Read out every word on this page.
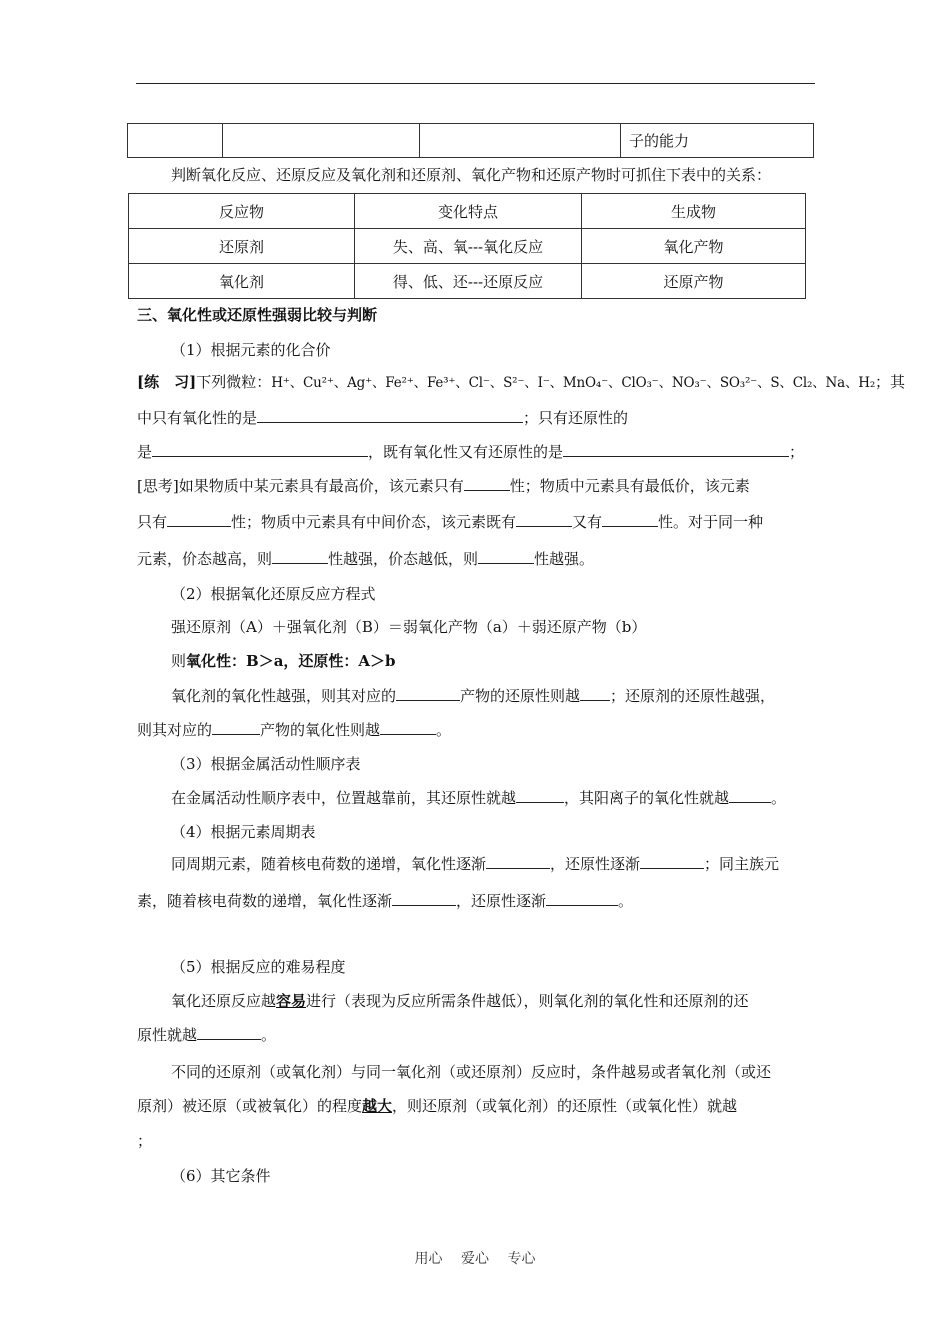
			子的能力
判断氧化反应、还原反应及氧化剂和还原剂、氧化产物和还原产物时可抓住下表中的关系：
反应物	变化特点	生成物
还原剂	失、高、氧---氧化反应	氧化产物
氧化剂	得、低、还---还原反应	还原产物
三、氧化性或还原性强弱比较与判断
（1）根据元素的化合价
[练　习]下列微粒：H⁺、Cu²⁺、Ag⁺、Fe²⁺、Fe³⁺、Cl⁻、S²⁻、I⁻、MnO₄⁻、ClO₃⁻、NO₃⁻、SO₃²⁻、S、Cl₂、Na、H₂；其
中只有氧化性的是	；只有还原性的
是	，既有氧化性又有还原性的是	；
[思考]如果物质中某元素具有最高价，该元素只有	性；物质中元素具有最低价，该元素
只有	性；物质中元素具有中间价态，该元素既有	又有	性。对于同一种
元素，价态越高，则	性越强，价态越低，则	性越强。
（2）根据氧化还原反应方程式
强还原剂（A）＋强氧化剂（B）＝弱氧化产物（a）＋弱还原产物（b）
则氧化性：B＞a，还原性：A＞b
氧化剂的氧化性越强，则其对应的	产物的还原性则越 ；还原剂的还原性越强，
则其对应的	产物的氧化性则越	。
（3）根据金属活动性顺序表
在金属活动性顺序表中，位置越靠前，其还原性就越	，其阳离子的氧化性就越	。
（4）根据元素周期表
同周期元素，随着核电荷数的递增，氧化性逐渐	，还原性逐渐	；同主族元
素，随着核电荷数的递增，氧化性逐渐	，还原性逐渐	。
（5）根据反应的难易程度
氧化还原反应越容易进行（表现为反应所需条件越低），则氧化剂的氧化性和还原剂的还
原性就越	。
不同的还原剂（或氧化剂）与同一氧化剂（或还原剂）反应时，条件越易或者氧化剂（或还
原剂）被还原（或被氧化）的程度越大，则还原剂（或氧化剂）的还原性（或氧化性）就越
；
（6）其它条件
用心 爱心 专心
